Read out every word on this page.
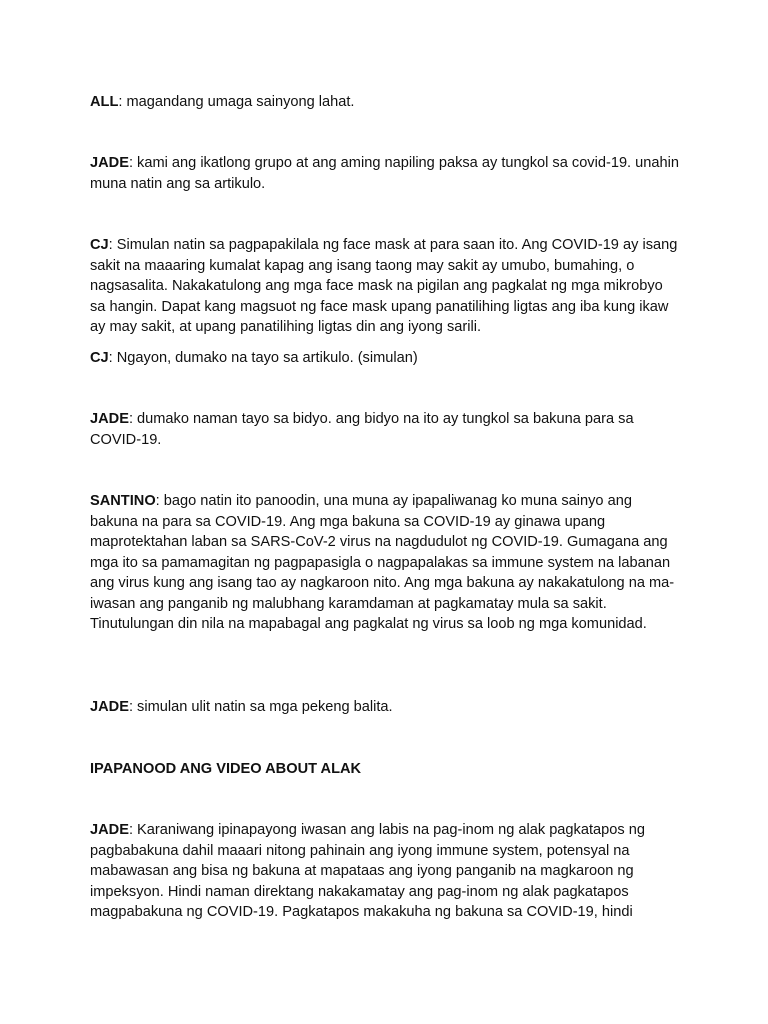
ALL: magandang umaga sainyong lahat.

JADE: kami ang ikatlong grupo at ang aming napiling paksa ay tungkol sa covid-19. unahin muna natin ang sa artikulo.

CJ: Simulan natin sa pagpapakilala ng face mask at para saan ito. Ang COVID-19 ay isang sakit na maaaring kumalat kapag ang isang taong may sakit ay umubo, bumahing, o nagsasalita. Nakakatulong ang mga face mask na pigilan ang pagkalat ng mga mikrobyo sa hangin. Dapat kang magsuot ng face mask upang panatilihing ligtas ang iba kung ikaw ay may sakit, at upang panatilihing ligtas din ang iyong sarili.

CJ: Ngayon, dumako na tayo sa artikulo. (simulan)

JADE: dumako naman tayo sa bidyo. ang bidyo na ito ay tungkol sa bakuna para sa COVID-19.

SANTINO: bago natin ito panoodin, una muna ay ipapaliwanag ko muna sainyo ang bakuna na para sa COVID-19. Ang mga bakuna sa COVID-19 ay ginawa upang maprotektahan laban sa SARS-CoV-2 virus na nagdudulot ng COVID-19. Gumagana ang mga ito sa pamamagitan ng pagpapasigla o nagpapalakas sa immune system na labanan ang virus kung ang isang tao ay nagkaroon nito. Ang mga bakuna ay nakakatulong na ma-iwasan ang panganib ng malubhang karamdaman at pagkamatay mula sa sakit. Tinutulungan din nila na mapabagal ang pagkalat ng virus sa loob ng mga komunidad.

JADE: simulan ulit natin sa mga pekeng balita.

IPAPANOOD ANG VIDEO ABOUT ALAK

JADE: Karaniwang ipinapayong iwasan ang labis na pag-inom ng alak pagkatapos ng pagbabakuna dahil maaari nitong pahinain ang iyong immune system, potensyal na mabawasan ang bisa ng bakuna at mapataas ang iyong panganib na magkaroon ng impeksyon. Hindi naman direktang nakakamatay ang pag-inom ng alak pagkatapos magpabakuna ng COVID-19. Pagkatapos makakuha ng bakuna sa COVID-19, hindi
